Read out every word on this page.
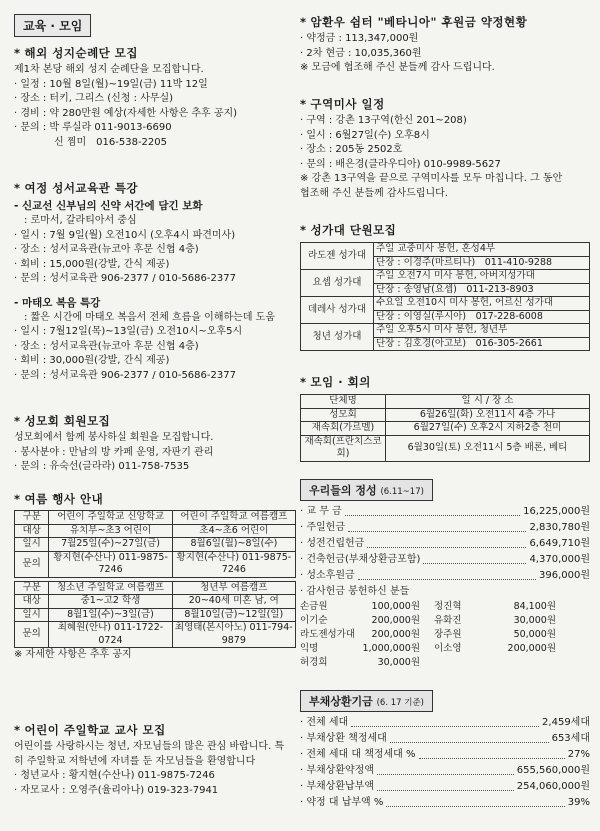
교육 · 모임
* 해외 성지순례단 모집
제1차 본당 해외 성지 순례단을 모집합니다.
· 일정 : 10월 8일(월)~19일(금) 11박 12일
· 장소 : 터키, 그리스 (신청 : 사무실)
· 경비 : 약 280만원 예상(자세한 사항은 추후 공지)
· 문의 : 박 루실라 011-9013-6690
　　　　신 찜미　016-538-2205
* 여정 성서교육관 특강
- 신교선 신부님의 신약 서간에 담긴 보화
　: 로마서, 갈라티아서 중심
· 일시 : 7월 9일(월) 오전10시 (오후4시 파견미사)
· 장소 : 성서교육관(뉴코아 후문 신협 4층)
· 회비 : 15,000원(강발, 간식 제공)
· 문의 : 성서교육관 906-2377 / 010-5686-2377
- 마태오 복음 특강
　: 짧은 시간에 마태오 복음서 전체 흐름을 이해하는데 도움
· 일시 : 7월12일(목)~13일(금) 오전10시~오후5시
· 장소 : 성서교육관(뉴코아 후문 신협 4층)
· 회비 : 30,000원(강발, 간식 제공)
· 문의 : 성서교육관 906-2377 / 010-5686-2377
* 성모회 회원모집
성모회에서 함께 봉사하실 회원을 모집합니다.
· 봉사분야 : 만남의 방 카페 운영, 자판기 관리
· 문의 : 유숙선(글라라) 011-758-7535
* 여름 행사 안내
구분	어린이 주일학교 신앙학교	어린이 주일학교 여름캠프
대상	유치부~초3 어린이	초4~초6 어린이
일시	7월25일(수)~27일(금)	8월6일(월)~8일(수)
문의	황지현(수산나) 011-9875-7246	황지현(수산나) 011-9875-7246
구분	청소년 주일학교 여름캠프	청년부 여름캠프
대상	중1~고2 학생	20~40세 미혼 남, 여
일시	8월1일(수)~3일(금)	8월10일(금)~12일(일)
문의	최혜원(안나) 011-1722-0724	최영태(본시아노) 011-794-9879
※ 자세한 사항은 추후 공지
* 어린이 주일학교 교사 모집
어린이를 사랑하시는 청년, 자모님들의 많은 관심 바랍니다. 특
히 주일학교 저학년에 자녀를 둔 자모님들을 환영합니다
· 청년교사 : 황지현(수산나) 011-9875-7246
· 자모교사 : 오영주(율리아나) 019-323-7941
* 암환우 쉼터 "베타니아" 후원금 약정현황
· 약정금 : 113,347,000원
· 2차 현금 : 10,035,360원
※ 모금에 협조해 주신 분들께 감사 드립니다.
* 구역미사 일정
· 구역 : 강촌 13구역(한신 201~208)
· 일시 : 6월27일(수) 오후8시
· 장소 : 205동 2502호
· 문의 : 배은경(클라우디아) 010-9989-5627
※ 강촌 13구역을 끝으로 구역미사를 모두 마칩니다. 그 동안
협조해 주신 분들께 감사드립니다.
* 성가대 단원모집
라도젠 성가대	주일 교중미사 봉헌, 혼성4부
	단장 : 이경주(마르티나)　011-410-9288
요셉 성가대	주일 오전7시 미사 봉헌, 아버지성가대
	단장 : 송영남(요셉)　011-213-8903
데레사 성가대	수요일 오전10시 미사 봉헌, 어르신 성가대
	단장 : 이영실(루시아)　017-228-6008
청년 성가대	주일 오후5시 미사 봉헌, 청년부
	단장 : 김호경(아고보)　016-305-2661
* 모임 · 회의
단체명	일 시 / 장 소
성모회	6월26일(화) 오전11시 4층 가나
재속회(가르멜)	6월27일(수) 오후2시 지하2층 천미
재속회(프란치스코회)	6월30일(토) 오전11시 5층 배론, 베티
우리들의 정성 (6.11~17)
· 교 무 금	16,225,000원
· 주일헌금	2,830,780원
· 성전건립헌금	6,649,710원
· 건축헌금(부채상환금포함)	4,370,000원
· 성소후원금	396,000원
· 감사헌금 봉헌하신 분들
손금원	100,000원	정진혁	84,100원
이기순	200,000원	유화진	30,000원
라도젠성가대	200,000원	장주원	50,000원
익명	1,000,000원	이소영	200,000원
허경희	30,000원
부채상환기금 (6. 17 기준)
· 전체 세대	2,459세대
· 부채상환 책정세대	653세대
· 전체 세대 대 책정세대 %	27%
· 부채상환약정액	655,560,000원
· 부채상환납부액	254,060,000원
· 약정 대 납부액 %	39%
